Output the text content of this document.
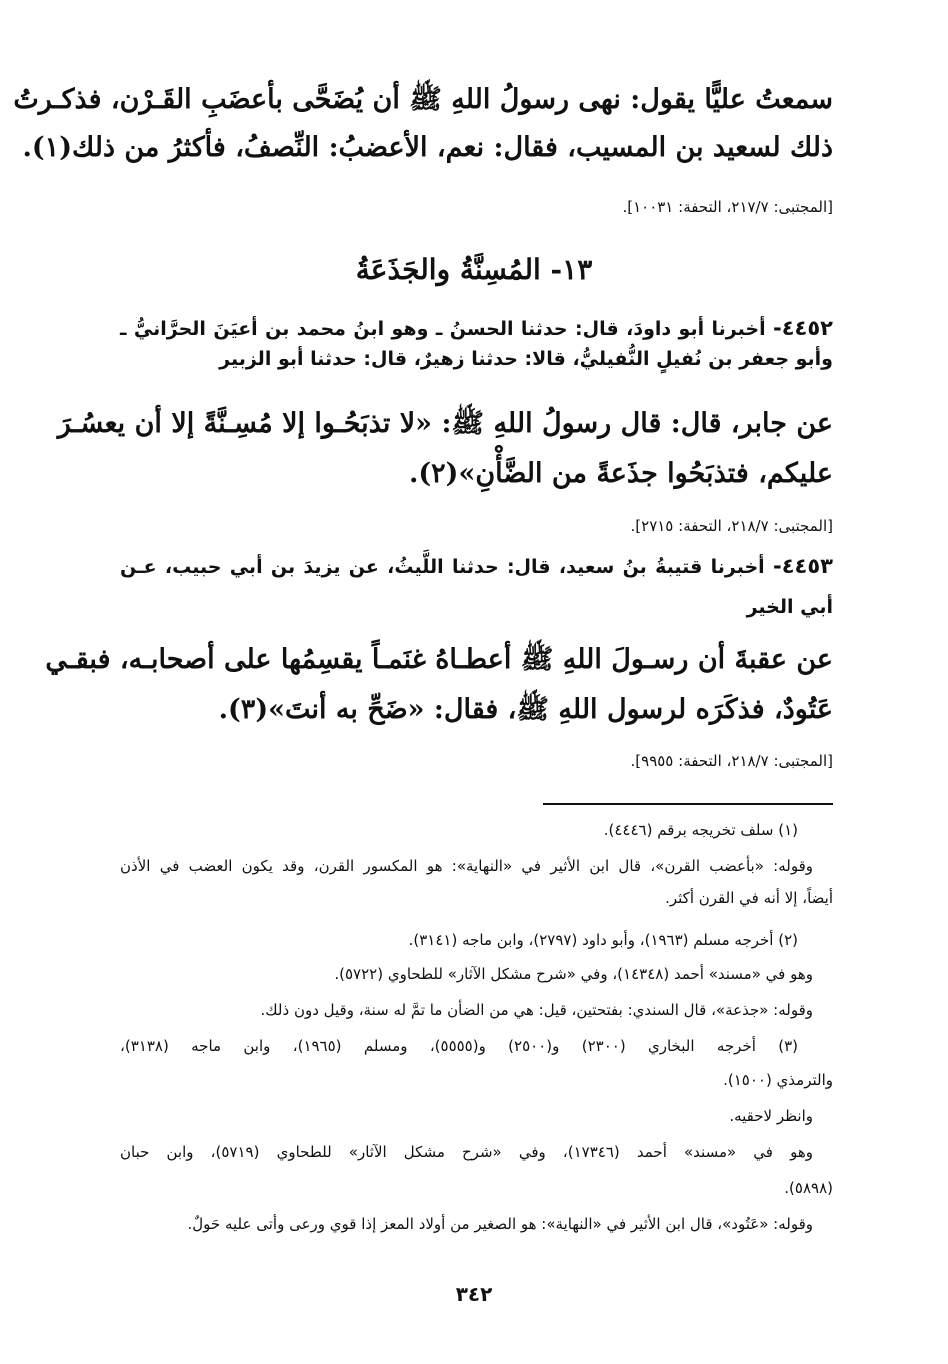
سمعتُ عليًّا يقول: نهى رسولُ اللهِ ﷺ أن يُضَحَّى بأعضَبِ القَـرْن، فذكـرتُ
ذلك لسعيد بن المسيب، فقال: نعم، الأعضبُ: النِّصفُ، فأكثرُ من ذلك(١).
[المجتبى: ٢١٧/٧، التحفة: ١٠٠٣١].
١٣- المُسِنَّةُ والجَذَعَةُ
٤٤٥٢- أخبرنا أبو داودَ، قال: حدثنا الحسنُ ـ وهو ابنُ محمد بن أعيَنَ الحرَّانيُّ ـ
وأبو جعفر بن نُفيلٍ النُّفيليُّ، قالا: حدثنا زهيرٌ، قال: حدثنا أبو الزبير
عن جابر، قال: قال رسولُ اللهِ ﷺ: «لا تذبَحُـوا إلا مُسِـنَّةً إلا أن يعسُـرَ
عليكم، فتذبَحُوا جذَعةً من الضَّأْنِ»(٢).
[المجتبى: ٢١٨/٧، التحفة: ٢٧١٥].
٤٤٥٣- أخبرنا قتيبةُ بنُ سعيد، قال: حدثنا اللَّيثُ، عن يزيدَ بن أبي حبيب، عـن
أبي الخير
عن عقبةَ أن رسـولَ اللهِ ﷺ أعطـاهُ غنَمـاً يقسِمُها على أصحابـه، فبقـي
عَتُودٌ، فذكَرَه لرسول اللهِ ﷺ، فقال: «ضَحِّ به أنتَ»(٣).
[المجتبى: ٢١٨/٧، التحفة: ٩٩٥٥].
(١) سلف تخريجه برقم (٤٤٤٦).
وقوله: «بأعضب القرن»، قال ابن الأثير في «النهاية»: هو المكسور القرن، وقد يكون العضب في الأذن
أيضاً، إلا أنه في القرن أكثر.
(٢) أخرجه مسلم (١٩٦٣)، وأبو داود (٢٧٩٧)، وابن ماجه (٣١٤١).
وهو في «مسند» أحمد (١٤٣٤٨)، وفي «شرح مشكل الآثار» للطحاوي (٥٧٢٢).
وقوله: «جذعة»، قال السندي: بفتحتين، قيل: هي من الضأن ما تمَّ له سنة، وقيل دون ذلك.
(٣) أخرجه البخاري (٢٣٠٠) و(٢٥٠٠) و(٥٥٥٥)، ومسلم (١٩٦٥)، وابن ماجه (٣١٣٨)،
والترمذي (١٥٠٠).
وانظر لاحقيه.
وهو في «مسند» أحمد (١٧٣٤٦)، وفي «شرح مشكل الآثار» للطحاوي (٥٧١٩)، وابن حبان
(٥٨٩٨).
وقوله: «عَتُود»، قال ابن الأثير في «النهاية»: هو الصغير من أولاد المعز إذا قوي ورعى وأتى عليه حَولٌ.
٣٤٢
